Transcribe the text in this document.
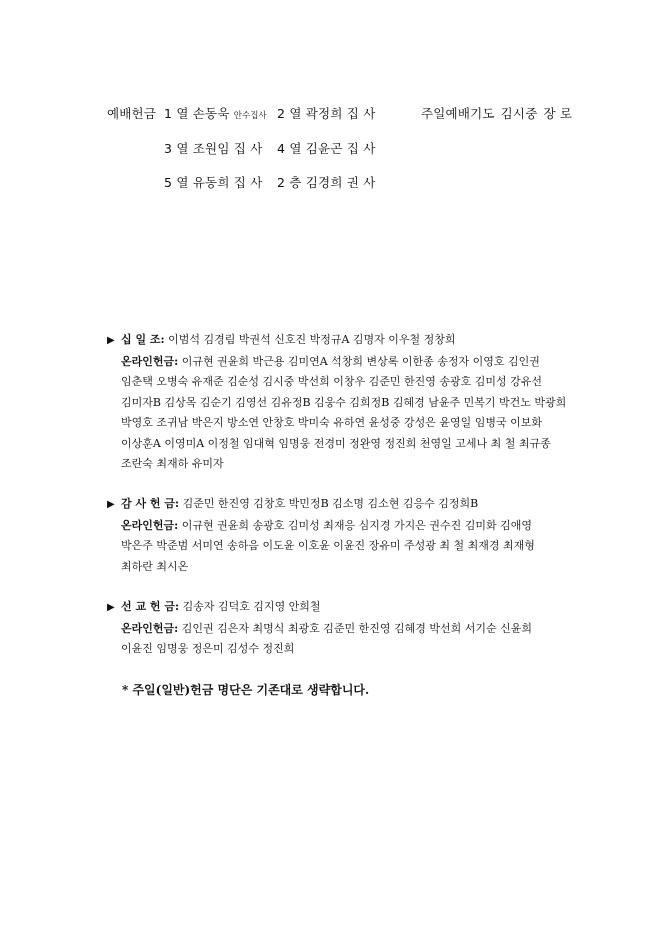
예배헌금 1 열 손동욱 안수집사 2 열 곽정희 집 사
3 열 조원임 집 사 4 열 김윤곤 집 사
5 열 유동희 집 사 2 층 김경희 권 사
주일예배기도 김시중 장 로
▶ 십 일 조: 이범석 김경림 박권석 신호진 박정규A 김명자 이우철 정창희
온라인헌금: 이규현 권윤희 박근용 김미연A 석창희 변상록 이한종 송정자 이영호 김인권
임춘택 오병숙 유재준 김순성 김시중 박선희 이창우 김준민 한진영 송광호 김미성 강유선
김미자B 김상목 김순기 김영선 김유정B 김웅수 김희정B 김혜경 남윤주 민복기 박건노 박광희
박영호 조귀남 박은지 방소연 안창호 박미숙 유하연 윤성중 강성은 윤영일 임병국 이보화
이상훈A 이영미A 이정철 임대혁 임명웅 전경미 정완영 정진희 천영일 고세나 최 철 최규종
조란숙 최재하 유미자
▶ 감 사 헌 금: 김준민 한진영 김창호 박민정B 김소명 김소현 김응수 김정희B
온라인헌금: 이규현 권윤희 송광호 김미성 최재응 심지경 가지은 권수진 김미화 김애영
박은주 박준범 서미연 송하음 이도윤 이호윤 이윤진 장유미 주성광 최 철 최재경 최재형
최하란 최시온
▶ 선 교 헌 금: 김송자 김덕호 김지영 안희철
온라인헌금: 김인권 김은자 최명식 최광호 김준민 한진영 김혜경 박선희 서기순 신윤희
이윤진 임명웅 정은미 김성수 정진희
* 주일(일반)헌금 명단은 기존대로 생략합니다.
